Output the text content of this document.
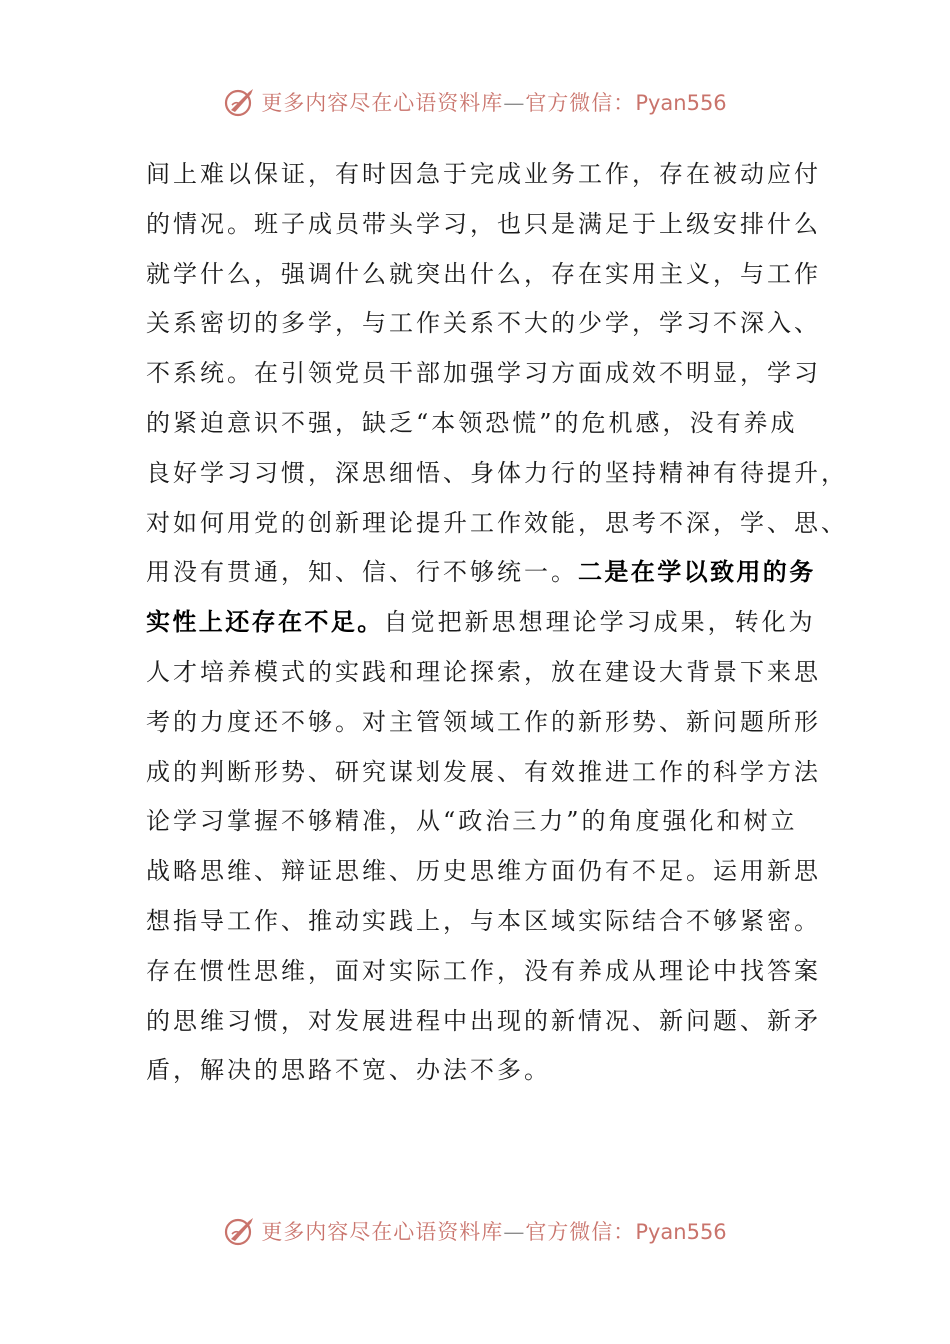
更多内容尽在心语资料库—官方微信：Pyan556
间上难以保证，有时因急于完成业务工作，存在被动应付
的情况。班子成员带头学习，也只是满足于上级安排什么
就学什么，强调什么就突出什么，存在实用主义，与工作
关系密切的多学，与工作关系不大的少学，学习不深入、
不系统。在引领党员干部加强学习方面成效不明显，学习
的紧迫意识不强，缺乏“本领恐慌”的危机感，没有养成
良好学习习惯，深思细悟、身体力行的坚持精神有待提升，
对如何用党的创新理论提升工作效能，思考不深，学、思、
用没有贯通，知、信、行不够统一。二是在学以致用的务
实性上还存在不足。自觉把新思想理论学习成果，转化为
人才培养模式的实践和理论探索，放在建设大背景下来思
考的力度还不够。对主管领域工作的新形势、新问题所形
成的判断形势、研究谋划发展、有效推进工作的科学方法
论学习掌握不够精准，从“政治三力”的角度强化和树立
战略思维、辩证思维、历史思维方面仍有不足。运用新思
想指导工作、推动实践上，与本区域实际结合不够紧密。
存在惯性思维，面对实际工作，没有养成从理论中找答案
的思维习惯，对发展进程中出现的新情况、新问题、新矛
盾，解决的思路不宽、办法不多。
更多内容尽在心语资料库—官方微信：Pyan556
